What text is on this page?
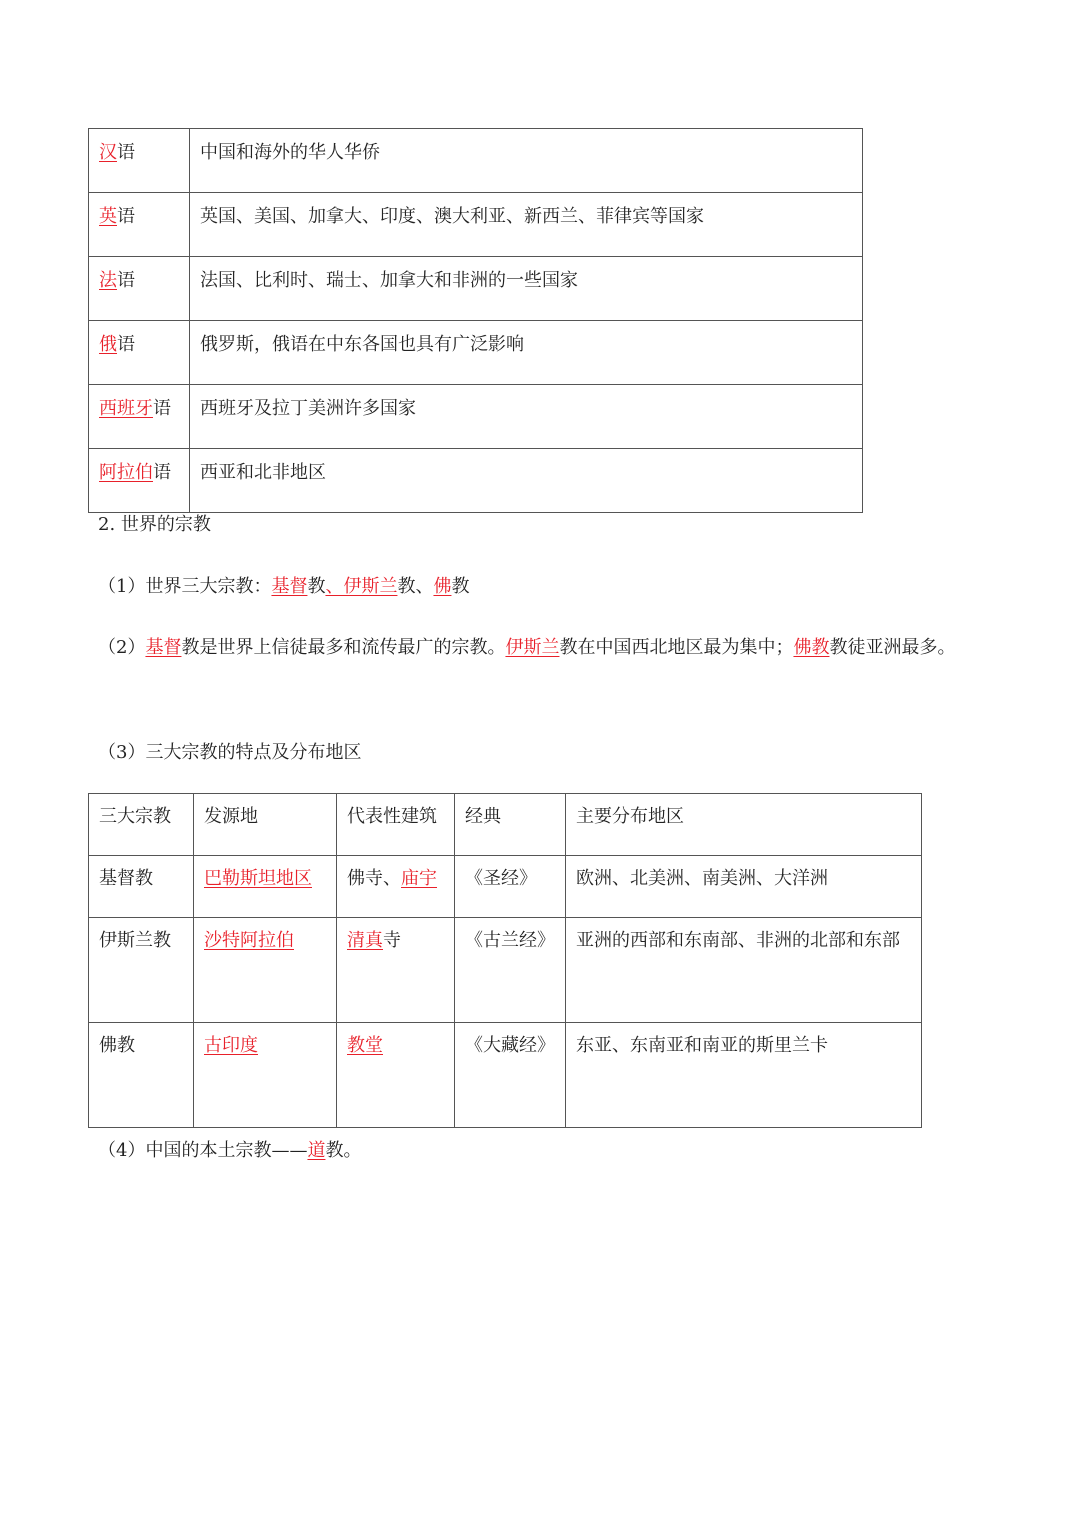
汉语	中国和海外的华人华侨
英语	英国、美国、加拿大、印度、澳大利亚、新西兰、菲律宾等国家
法语	法国、比利时、瑞士、加拿大和非洲的一些国家
俄语	俄罗斯，俄语在中东各国也具有广泛影响
西班牙语	西班牙及拉丁美洲许多国家
阿拉伯语	西亚和北非地区
2. 世界的宗教
（1）世界三大宗教：基督教、伊斯兰教、佛教
（2）基督教是世界上信徒最多和流传最广的宗教。伊斯兰教在中国西北地区最为集中；佛教教徒亚洲最多。
（3）三大宗教的特点及分布地区
三大宗教	发源地	代表性建筑	经典	主要分布地区
基督教	巴勒斯坦地区	佛寺、庙宇	《圣经》	欧洲、北美洲、南美洲、大洋洲
伊斯兰教	沙特阿拉伯	清真寺	《古兰经》	亚洲的西部和东南部、非洲的北部和东部
佛教	古印度	教堂	《大藏经》	东亚、东南亚和南亚的斯里兰卡
（4）中国的本土宗教——道教。
